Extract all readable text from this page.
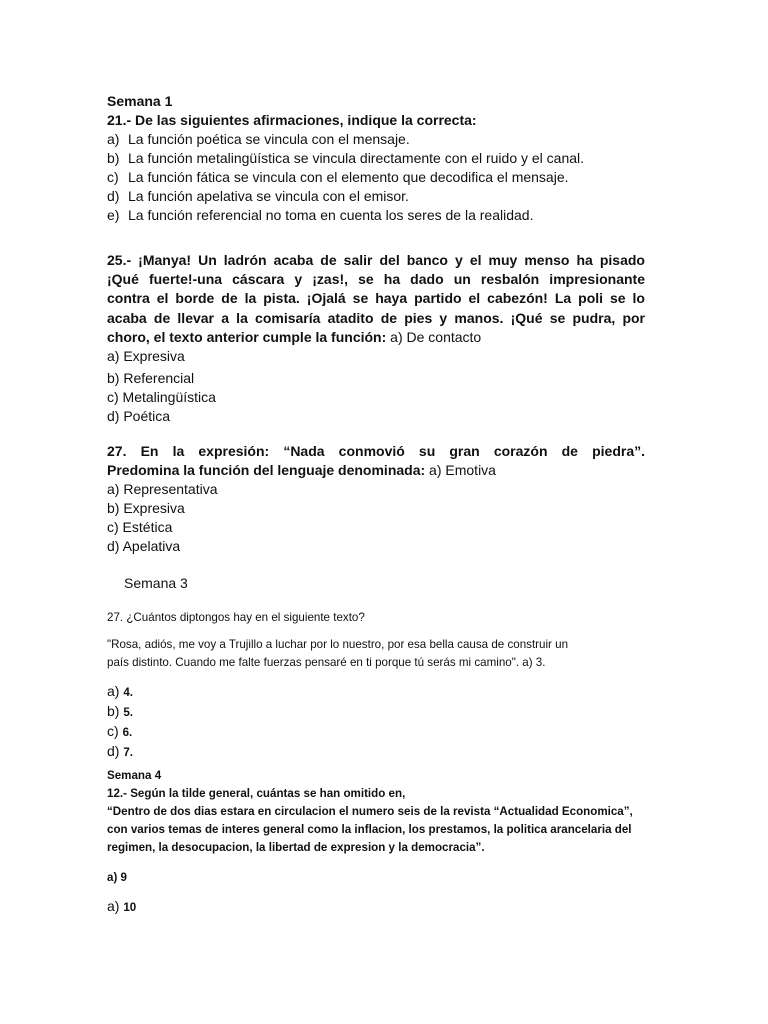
Semana 1
21.- De las siguientes afirmaciones, indique la correcta:
a) La función poética se vincula con el mensaje.
b) La función metalingüística se vincula directamente con el ruido y el canal.
c) La función fática se vincula con el elemento que decodifica el mensaje.
d) La función apelativa se vincula con el emisor.
e) La función referencial no toma en cuenta los seres de la realidad.
25.- ¡Manya! Un ladrón acaba de salir del banco y el muy menso ha pisado
¡Qué fuerte!-una cáscara y ¡zas!, se ha dado un resbalón impresionante
contra el borde de la pista. ¡Ojalá se haya partido el cabezón! La poli se lo
acaba de llevar a la comisaría atadito de pies y manos. ¡Qué se pudra, por
choro, el texto anterior cumple la función: a) De contacto
a) Expresiva
b) Referencial
c) Metalingüística
d) Poética
27. En la expresión: “Nada conmovió su gran corazón de piedra”.
Predomina la función del lenguaje denominada: a) Emotiva
a) Representativa
b) Expresiva
c) Estética
d) Apelativa
Semana 3
27. ¿Cuántos diptongos hay en el siguiente texto?
"Rosa, adiós, me voy a Trujillo a luchar por lo nuestro, por esa bella causa de construir un
país distinto. Cuando me falte fuerzas pensaré en ti porque tú serás mi camino". a) 3.
a) 4.
b) 5.
c) 6.
d) 7.
Semana 4
12.- Según la tilde general, cuántas se han omitido en,
“Dentro de dos dias estara en circulacion el numero seis de la revista “Actualidad Economica”,
con varios temas de interes general como la inflacion, los prestamos, la politica arancelaria del
regimen, la desocupacion, la libertad de expresion y la democracia”.
a) 9
a) 10
